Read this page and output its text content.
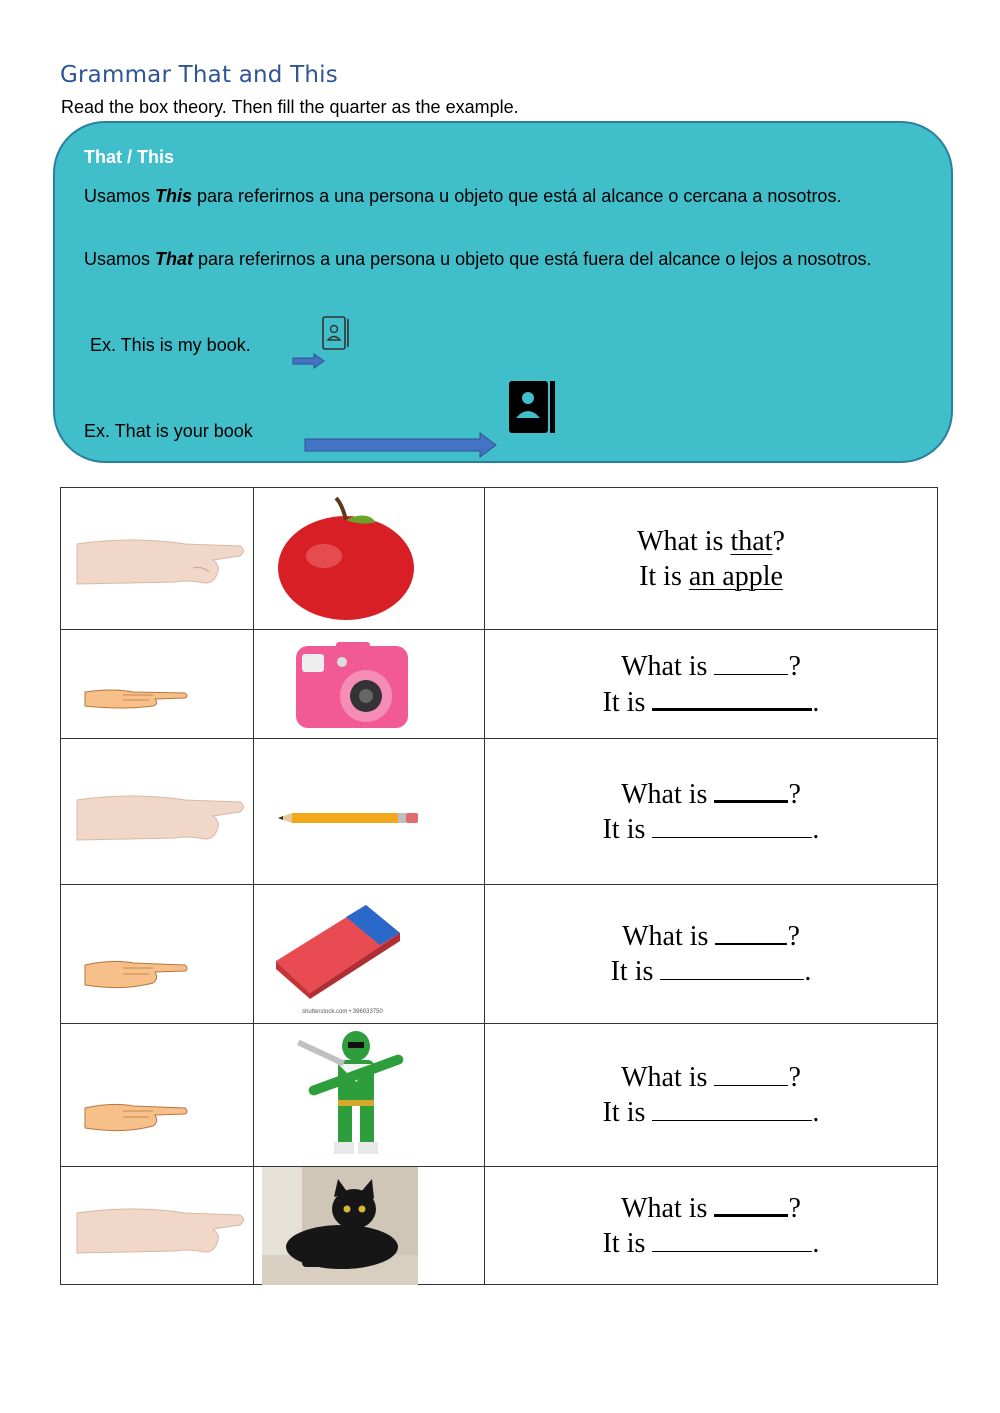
Grammar That and This
Read the box theory. Then fill the quarter as the example.
That / This
Usamos This para referirnos a una persona u objeto que está al alcance o cercana a nosotros.
Usamos That para referirnos a una persona u objeto que está fuera del alcance o lejos a nosotros.
Ex. This is my book.
Ex. That is your book

What is that?
It is an apple

What is ?
It is .

What is ?
It is .

shutterstock.com • 396033750	What is ?
It is .

What is ?
It is .

What is ?
It is .
